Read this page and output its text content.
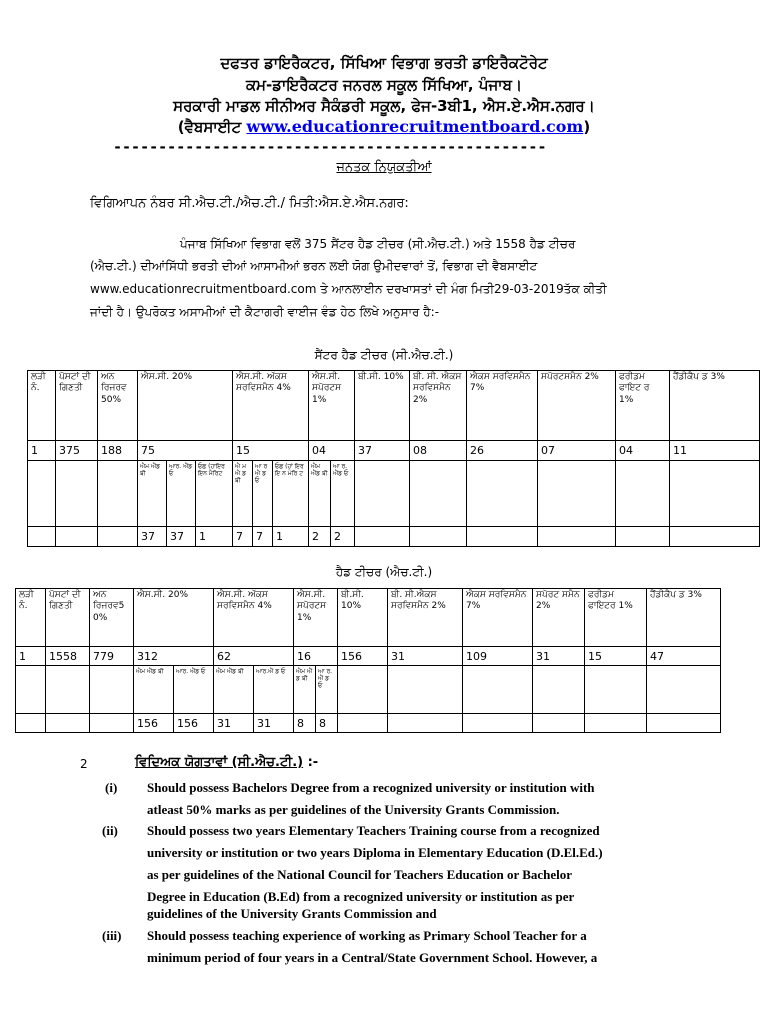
ਦਫਤਰ ਡਾਇਰੈਕਟਰ, ਸਿੱਖਿਆ ਵਿਭਾਗ ਭਰਤੀ ਡਾਇਰੈਕਟੋਰੇਟ
ਕਮ-ਡਾਇਰੈਕਟਰ ਜਨਰਲ ਸਕੂਲ ਸਿੱਖਿਆ, ਪੰਜਾਬ।
ਸਰਕਾਰੀ ਮਾਡਲ ਸੀਨੀਅਰ ਸੈਕੰਡਰੀ ਸਕੂਲ, ਫੇਜ-3ਬੀ1, ਐਸ.ਏ.ਐਸ.ਨਗਰ।
(ਵੈਬਸਾਈਟ www.educationrecruitmentboard.com)
------------------------------------------------
ਜਨਤਕ ਨਿਯੁਕਤੀਆਂ
ਵਿਗਿਆਪਨ ਨੰਬਰ ਸੀ.ਐਚ.ਟੀ./ਐਚ.ਟੀ./ ਮਿਤੀ:ਐਸ.ਏ.ਐਸ.ਨਗਰ:
ਪੰਜਾਬ ਸਿੱਖਿਆ ਵਿਭਾਗ ਵਲੋਂ 375 ਸੈਂਟਰ ਹੈਡ ਟੀਚਰ (ਸੀ.ਐਚ.ਟੀ.) ਅਤੇ 1558 ਹੈਡ ਟੀਚਰ
(ਐਚ.ਟੀ.) ਦੀਆਂਸਿੱਧੀ ਭਰਤੀ ਦੀਆਂ ਆਸਾਮੀਆਂ ਭਰਨ ਲਈ ਯੋਗ ਉਮੀਦਵਾਰਾਂ ਤੋਂ, ਵਿਭਾਗ ਦੀ ਵੈਬਸਾਈਟ
www.educationrecruitmentboard.com ਤੇ ਆਨਲਾਈਨ ਦਰਖਾਸਤਾਂ ਦੀ ਮੰਗ ਮਿਤੀ29-03-2019ਤੱਕ ਕੀਤੀ
ਜਾਂਦੀ ਹੈ। ਉਪਰੋਕਤ ਅਸਾਮੀਆਂ ਦੀ ਕੈਟਾਗਰੀ ਵਾਈਜ ਵੰਡ ਹੇਠ ਲਿਖੇ ਅਨੁਸਾਰ ਹੈ:-
ਸੈਂਟਰ ਹੈਡ ਟੀਚਰ (ਸੀ.ਐਚ.ਟੀ.)
ਲੜੀ ਨੰ.	ਪੋਸਟਾਂ ਦੀ ਗਿਣਤੀ	ਅਨ ਰਿਜਰਵ 50%	ਐਸ.ਸੀ. 20%			ਐਸ.ਸੀ. ਅੱਕਸ ਸਰਵਿਸਮੈਨ 4%			ਐਸ.ਸੀ. ਸਪੋਰਟਸ 1%		ਬੀ.ਸੀ. 10%	ਬੀ. ਸੀ. ਐਕਸ ਸਰਵਿਸਮੈਨ 2%	ਐਕਸ ਸਰਵਿਸਮੈਨ 7%	ਸਪੋਰਟਸਮੈਨ 2%	ਫਰੀਡਮ ਫਾਇਟ ਰ 1%	ਹੈਂਡੀਕੈਪ ਡ 3%
1	375	188	75			15			04		37	08	26	07	04	11
			ਐਮ ਐਂਡ ਬੀ	ਆਰ. ਐਂਡ ਓ	ਓਛ (ਹਾਇਰ ਇਨ ਮੈਰਿਟ	ਐ ਮ ਐ ਡ ਬੀ	ਆ ਰ ਐ ਡ ਓ	ਓਛ (ਹਾਂ ਇਰ ਇ ਨ ਮੇਰਿ ਟ	ਐਮ ਐਂਡ ਬੀ	ਆ ਰ. ਐਂਡ ਓ						
			37	37	1	7	7	1	2	2						
ਹੈਡ ਟੀਚਰ (ਐਚ.ਟੀ.)
ਲੜੀ ਨੰ.	ਪੋਸਟਾਂ ਦੀ ਗਿਣਤੀ	ਅਨ ਰਿਜਰਵ5 0%	ਐਸ.ਸੀ. 20%		ਐਸ.ਸੀ. ਅੱਕਸ ਸਰਵਿਸਮੈਨ 4%		ਐਸ.ਸੀ. ਸਪੋਰਟਸ 1%		ਬੀ.ਸੀ. 10%	ਬੀ. ਸੀ.ਐਕਸ ਸਰਵਿਸਮੈਨ 2%	ਐਕਸ ਸਰਵਿਸਮੈਨ 7%	ਸਪੋਰਟ ਸਮੈਨ 2%	ਫਰੀਡਮ ਫਾਇਟਰ 1%	ਹੈਂਡੀਕੈਪ ਡ 3%
1	1558	779	312		62		16		156	31	109	31	15	47
			ਐਮ ਐਂਡ ਬੀ	ਆਰ. ਐਂਡ ਓ	ਐਮ ਐਂਡ ਬੀ	ਆਰ.ਐਂ ਡ ਓ	ਐਮ ਐਂ ਡ ਬੀ	ਆ ਰ. ਐਂ ਡ ਓ						
			156	156	31	31	8	8						
2	ਵਿਦਿਅਕ ਯੋਗਤਾਵਾਂ (ਸੀ.ਐਚ.ਟੀ.) :-
(i) Should possess Bachelors Degree from a recognized university or institution with
atleast 50% marks as per guidelines of the University Grants Commission.
(ii) Should possess two years Elementary Teachers Training course from a recognized
university or institution or two years Diploma in Elementary Education (D.El.Ed.)
as per guidelines of the National Council for Teachers Education or Bachelor
Degree in Education (B.Ed) from a recognized university or institution as per
guidelines of the University Grants Commission and
(iii) Should possess teaching experience of working as Primary School Teacher for a
minimum period of four years in a Central/State Government School. However, a
